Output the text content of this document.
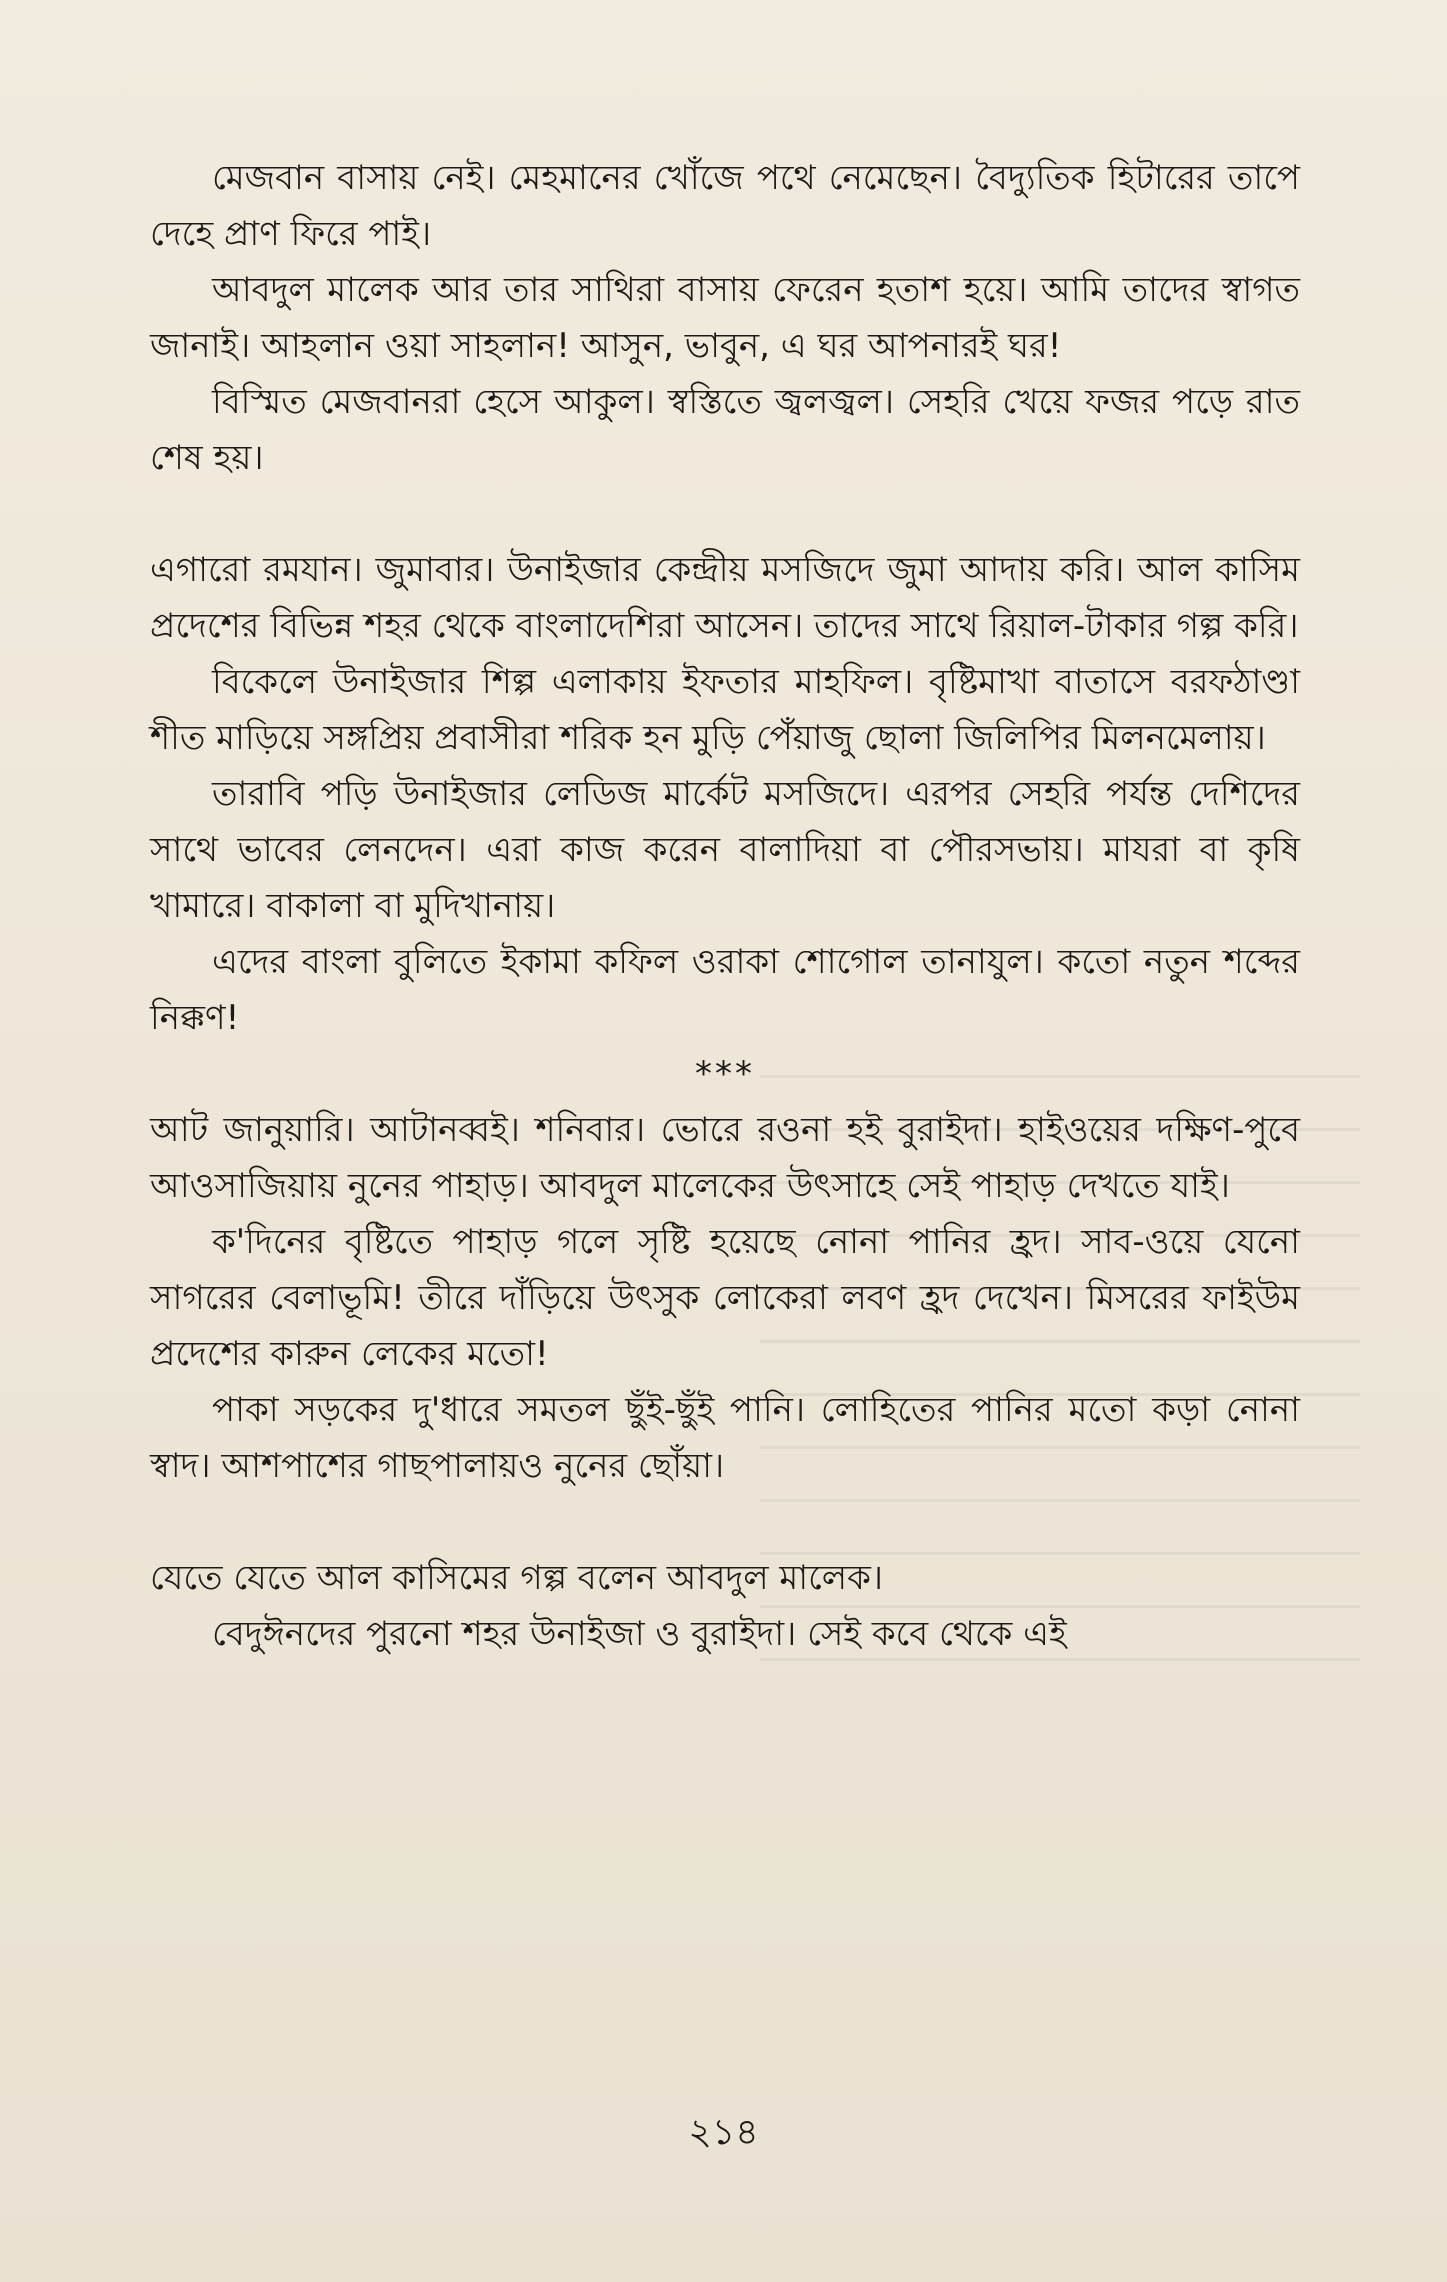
মেজবান বাসায় নেই। মেহমানের খোঁজে পথে নেমেছেন। বৈদ্যুতিক হিটারের তাপে দেহে প্রাণ ফিরে পাই।

আবদুল মালেক আর তার সাথিরা বাসায় ফেরেন হতাশ হয়ে। আমি তাদের স্বাগত জানাই। আহলান ওয়া সাহলান! আসুন, ভাবুন, এ ঘর আপনারই ঘর!

বিস্মিত মেজবানরা হেসে আকুল। স্বস্তিতে জ্বলজ্বল। সেহরি খেয়ে ফজর পড়ে রাত শেষ হয়।

এগারো রমযান। জুমাবার। উনাইজার কেন্দ্রীয় মসজিদে জুমা আদায় করি। আল কাসিম প্রদেশের বিভিন্ন শহর থেকে বাংলাদেশিরা আসেন। তাদের সাথে রিয়াল-টাকার গল্প করি।

বিকেলে উনাইজার শিল্প এলাকায় ইফতার মাহফিল। বৃষ্টিমাখা বাতাসে বরফঠাণ্ডা শীত মাড়িয়ে সঙ্গপ্রিয় প্রবাসীরা শরিক হন মুড়ি পেঁয়াজু ছোলা জিলিপির মিলনমেলায়।

তারাবি পড়ি উনাইজার লেডিজ মার্কেট মসজিদে। এরপর সেহরি পর্যন্ত দেশিদের সাথে ভাবের লেনদেন। এরা কাজ করেন বালাদিয়া বা পৌরসভায়। মাযরা বা কৃষি খামারে। বাকালা বা মুদিখানায়।

এদের বাংলা বুলিতে ইকামা কফিল ওরাকা শোগোল তানাযুল। কতো নতুন শব্দের নিক্কণ!

***

আট জানুয়ারি। আটানব্বই। শনিবার। ভোরে রওনা হই বুরাইদা। হাইওয়ের দক্ষিণ-পুবে আওসাজিয়ায় নুনের পাহাড়। আবদুল মালেকের উৎসাহে সেই পাহাড় দেখতে যাই।

ক'দিনের বৃষ্টিতে পাহাড় গলে সৃষ্টি হয়েছে নোনা পানির হ্রদ। সাব-ওয়ে যেনো সাগরের বেলাভূমি! তীরে দাঁড়িয়ে উৎসুক লোকেরা লবণ হ্রদ দেখেন। মিসরের ফাইউম প্রদেশের কারুন লেকের মতো!

পাকা সড়কের দু'ধারে সমতল ছুঁই-ছুঁই পানি। লোহিতের পানির মতো কড়া নোনা স্বাদ। আশপাশের গাছপালায়ও নুনের ছোঁয়া।

যেতে যেতে আল কাসিমের গল্প বলেন আবদুল মালেক।

বেদুঈনদের পুরনো শহর উনাইজা ও বুরাইদা। সেই কবে থেকে এই

২১৪
